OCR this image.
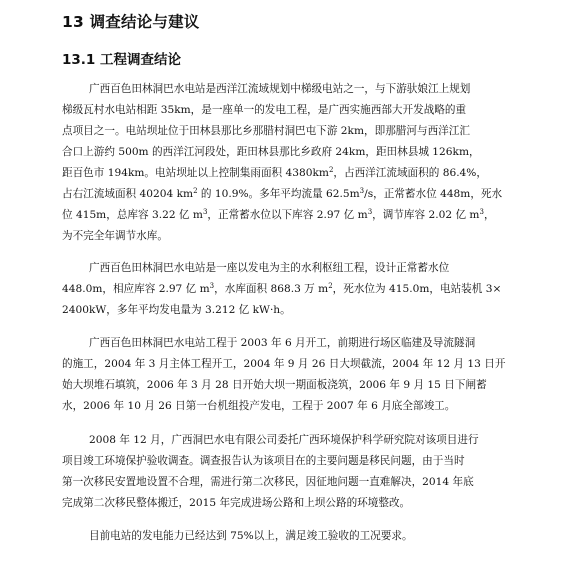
13 调查结论与建议
13.1 工程调查结论
广西百色田林洞巴水电站是西洋江流域规划中梯级电站之一，与下游驮娘江上规划
梯级瓦村水电站相距 35km，是一座单一的发电工程，是广西实施西部大开发战略的重
点项目之一。电站坝址位于田林县那比乡那腊村洞巴屯下游 2km，即那腊河与西洋江汇
合口上游约 500m 的西洋江河段处，距田林县那比乡政府 24km，距田林县城 126km，
距百色市 194km。电站坝址以上控制集雨面积 $4380km^2$，占西洋江流域面积的 86.4%，
占右江流域面积 40204 $km^2$ 的 10.9%。多年平均流量 $62.5m^3/s$，正常蓄水位 448m，死水
位 415m，总库容 3.22 亿 $m^3$，正常蓄水位以下库容 2.97 亿 $m^3$，调节库容 2.02 亿 $m^3$，
为不完全年调节水库。
广西百色田林洞巴水电站是一座以发电为主的水利枢纽工程，设计正常蓄水位
448.0m，相应库容 2.97 亿 $m^3$，水库面积 868.3 万 $m^2$，死水位为 415.0m，电站装机 3×
2400kW，多年平均发电量为 3.212 亿 kW·h。
广西百色田林洞巴水电站工程于 2003 年 6 月开工，前期进行场区临建及导流隧洞
的施工，2004 年 3 月主体工程开工，2004 年 9 月 26 日大坝截流，2004 年 12 月 13 日开
始大坝堆石填筑，2006 年 3 月 28 日开始大坝一期面板浇筑，2006 年 9 月 15 日下闸蓄
水，2006 年 10 月 26 日第一台机组投产发电，工程于 2007 年 6 月底全部竣工。
2008 年 12 月，广西洞巴水电有限公司委托广西环境保护科学研究院对该项目进行
项目竣工环境保护验收调查。调查报告认为该项目在的主要问题是移民问题，由于当时
第一次移民安置地设置不合理，需进行第二次移民，因征地问题一直难解决，2014 年底
完成第二次移民整体搬迁，2015 年完成进场公路和上坝公路的环境整改。
目前电站的发电能力已经达到 75%以上，满足竣工验收的工况要求。
